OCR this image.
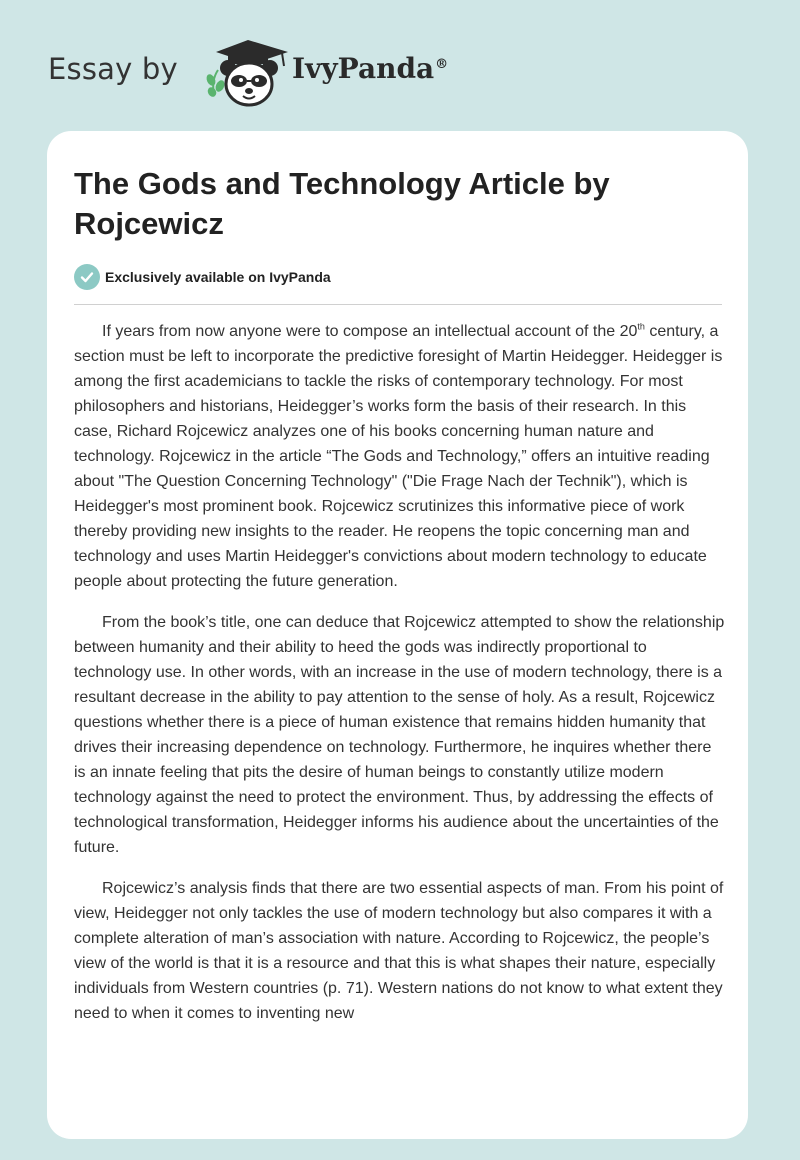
Essay by	IvyPanda®
The Gods and Technology Article by Rojcewicz
Exclusively available on IvyPanda

If years from now anyone were to compose an intellectual account of the 20th century, a section must be left to incorporate the predictive foresight of Martin Heidegger. Heidegger is among the first academicians to tackle the risks of contemporary technology. For most philosophers and historians, Heidegger’s works form the basis of their research. In this case, Richard Rojcewicz analyzes one of his books concerning human nature and technology. Rojcewicz in the article “The Gods and Technology,” offers an intuitive reading about "The Question Concerning Technology" ("Die Frage Nach der Technik"), which is Heidegger's most prominent book. Rojcewicz scrutinizes this informative piece of work thereby providing new insights to the reader. He reopens the topic concerning man and technology and uses Martin Heidegger's convictions about modern technology to educate people about protecting the future generation.

From the book’s title, one can deduce that Rojcewicz attempted to show the relationship between humanity and their ability to heed the gods was indirectly proportional to technology use. In other words, with an increase in the use of modern technology, there is a resultant decrease in the ability to pay attention to the sense of holy. As a result, Rojcewicz questions whether there is a piece of human existence that remains hidden humanity that drives their increasing dependence on technology. Furthermore, he inquires whether there is an innate feeling that pits the desire of human beings to constantly utilize modern technology against the need to protect the environment. Thus, by addressing the effects of technological transformation, Heidegger informs his audience about the uncertainties of the future.

Rojcewicz’s analysis finds that there are two essential aspects of man. From his point of view, Heidegger not only tackles the use of modern technology but also compares it with a complete alteration of man’s association with nature. According to Rojcewicz, the people’s view of the world is that it is a resource and that this is what shapes their nature, especially individuals from Western countries (p. 71). Western nations do not know to what extent they need to when it comes to inventing new
